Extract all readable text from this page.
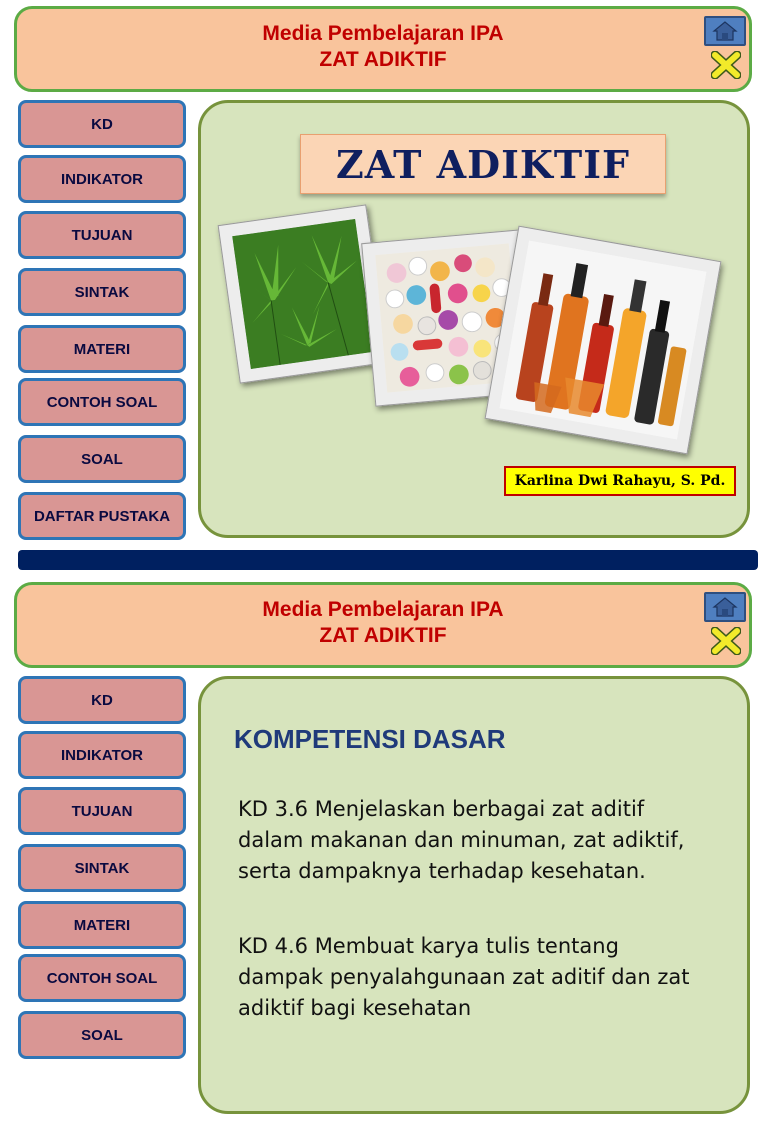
Media Pembelajaran IPA
ZAT ADIKTIF
KD
INDIKATOR
TUJUAN
SINTAK
MATERI
CONTOH SOAL
SOAL
DAFTAR PUSTAKA
ZAT ADIKTIF
Karlina Dwi Rahayu, S. Pd.
Media Pembelajaran IPA
ZAT ADIKTIF
KD
INDIKATOR
TUJUAN
SINTAK
MATERI
CONTOH SOAL
SOAL
KOMPETENSI DASAR
KD 3.6 Menjelaskan berbagai zat aditif dalam makanan dan minuman, zat adiktif, serta dampaknya terhadap kesehatan.
KD 4.6 Membuat karya tulis tentang dampak penyalahgunaan zat aditif dan zat adiktif bagi kesehatan
